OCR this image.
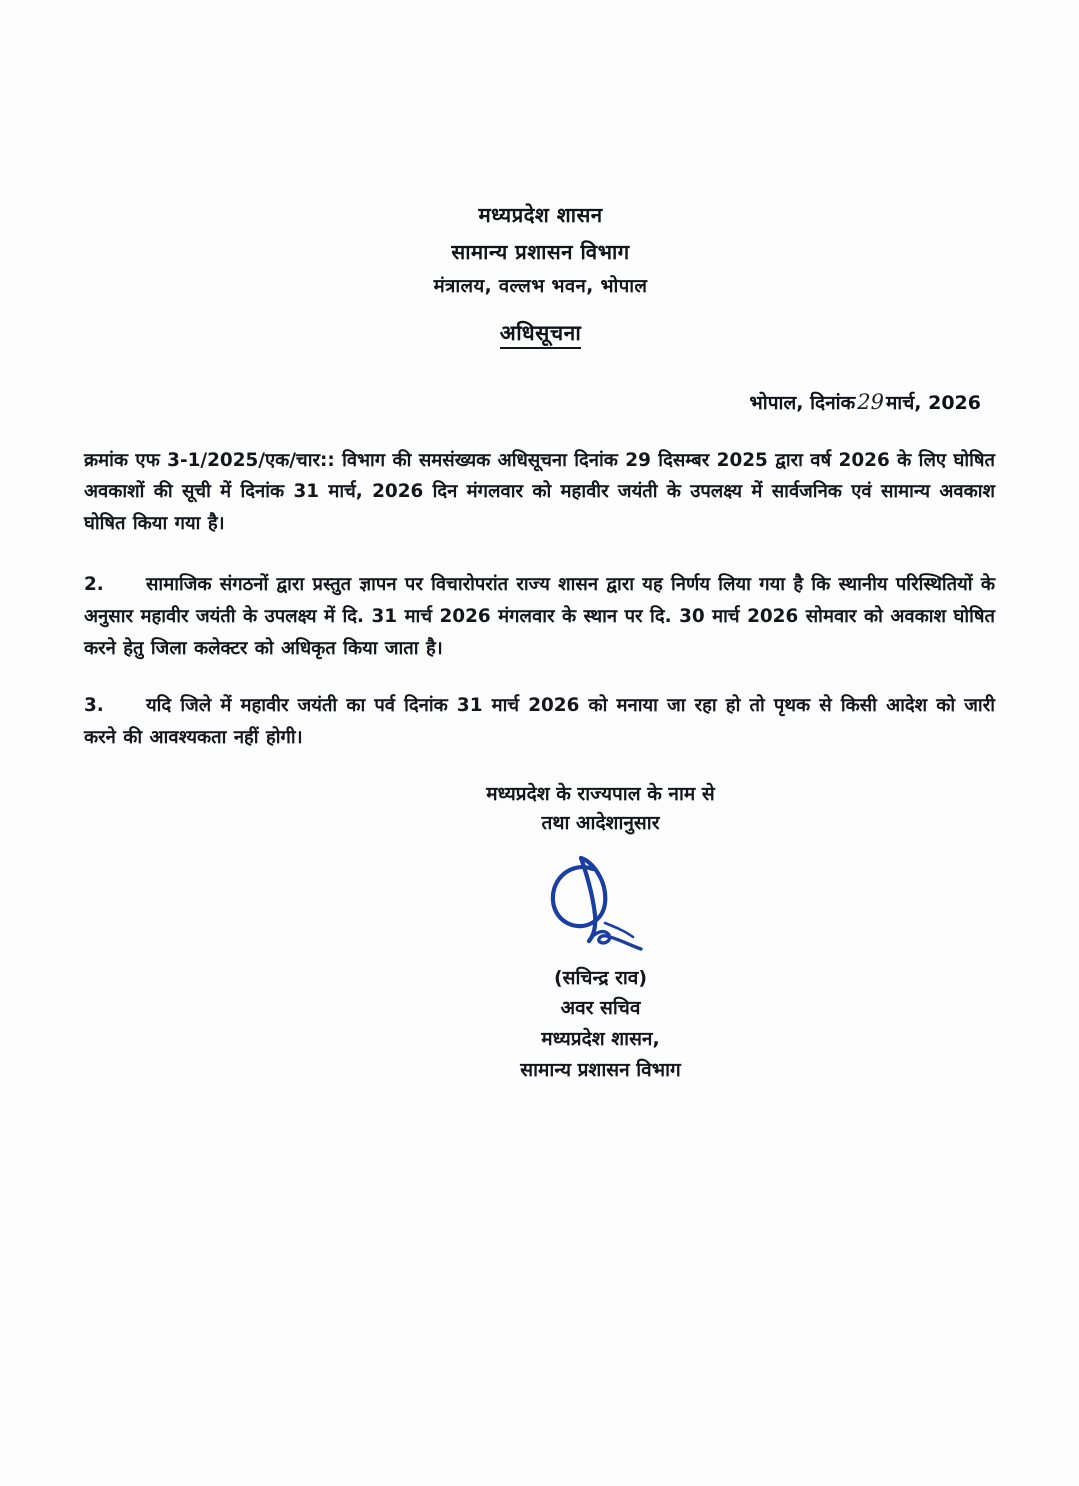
मध्यप्रदेश शासन
सामान्य प्रशासन विभाग
मंत्रालय, वल्लभ भवन, भोपाल
अधिसूचना
भोपाल, दिनांक29 मार्च, 2026

क्रमांक एफ 3-1/2025/एक/चार:: विभाग की समसंख्यक अधिसूचना दिनांक 29 दिसम्बर 2025 द्वारा वर्ष 2026 के लिए घोषित अवकाशों की सूची में दिनांक 31 मार्च, 2026 दिन मंगलवार को महावीर जयंती के उपलक्ष्य में सार्वजनिक एवं सामान्य अवकाश घोषित किया गया है।

2. सामाजिक संगठनों द्वारा प्रस्तुत ज्ञापन पर विचारोपरांत राज्य शासन द्वारा यह निर्णय लिया गया है कि स्थानीय परिस्थितियों के अनुसार महावीर जयंती के उपलक्ष्य में दि. 31 मार्च 2026 मंगलवार के स्थान पर दि. 30 मार्च 2026 सोमवार को अवकाश घोषित करने हेतु जिला कलेक्टर को अधिकृत किया जाता है।

3. यदि जिले में महावीर जयंती का पर्व दिनांक 31 मार्च 2026 को मनाया जा रहा हो तो पृथक से किसी आदेश को जारी करने की आवश्यकता नहीं होगी।

मध्यप्रदेश के राज्यपाल के नाम से
तथा आदेशानुसार
(सचिन्द्र राव)
अवर सचिव
मध्यप्रदेश शासन,
सामान्य प्रशासन विभाग
